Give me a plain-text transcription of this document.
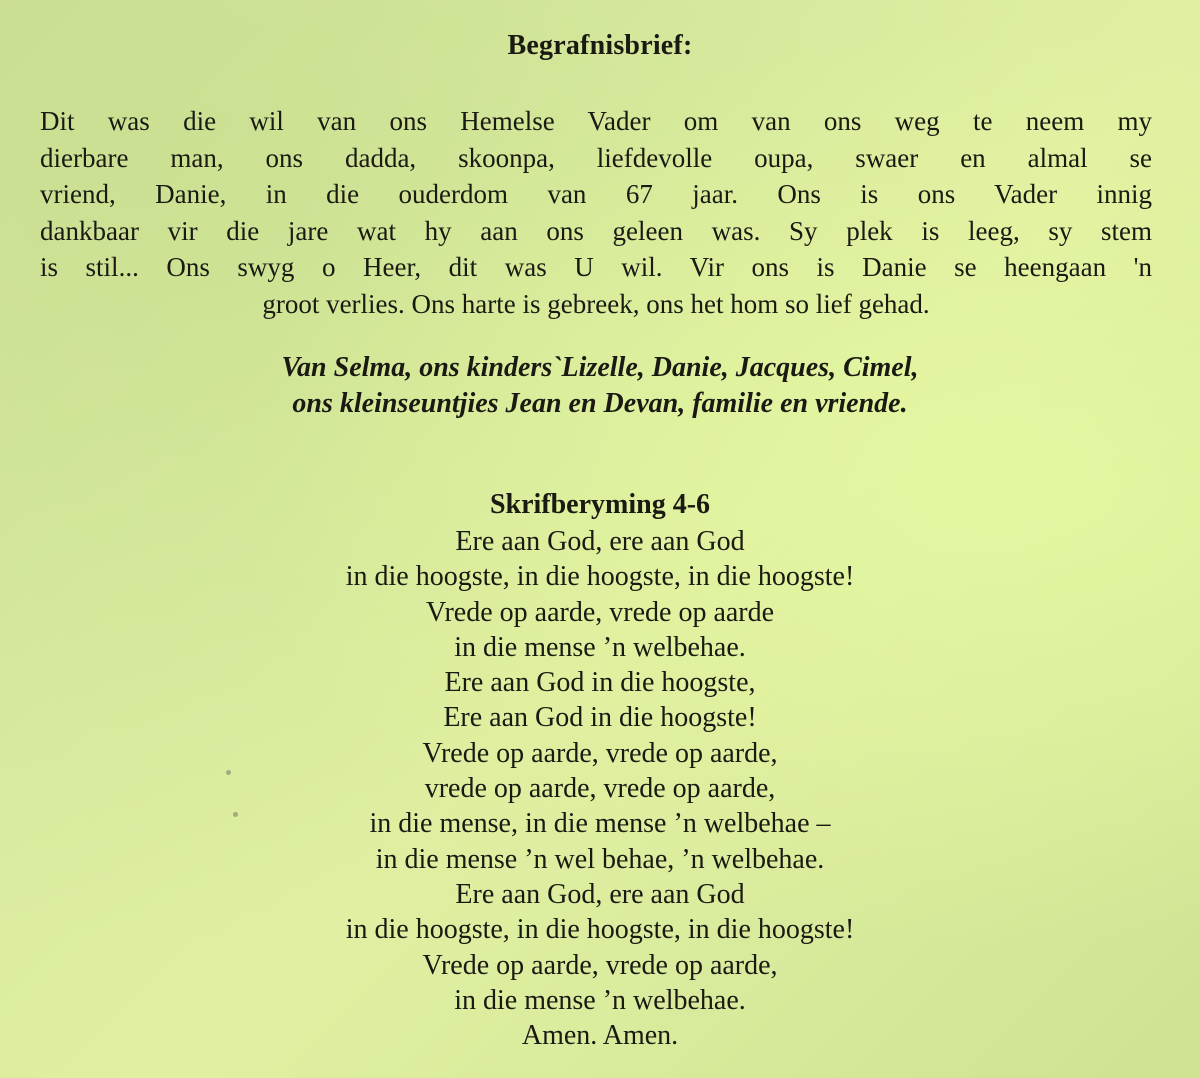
Begrafnisbrief:
Dit was die wil van ons Hemelse Vader om van ons weg te neem my
dierbare man, ons dadda, skoonpa, liefdevolle oupa, swaer en almal se
vriend, Danie, in die ouderdom van 67 jaar. Ons is ons Vader innig
dankbaar vir die jare wat hy aan ons geleen was. Sy plek is leeg, sy stem
is stil... Ons swyg o Heer, dit was U wil. Vir ons is Danie se heengaan 'n
groot verlies. Ons harte is gebreek, ons het hom so lief gehad.
Van Selma, ons kinders`Lizelle, Danie, Jacques, Cimel,
ons kleinseuntjies Jean en Devan, familie en vriende.
Skrifberyming 4-6
Ere aan God, ere aan God
in die hoogste, in die hoogste, in die hoogste!
Vrede op aarde, vrede op aarde
in die mense ’n welbehae.
Ere aan God in die hoogste,
Ere aan God in die hoogste!
Vrede op aarde, vrede op aarde,
vrede op aarde, vrede op aarde,
in die mense, in die mense ’n welbehae –
in die mense ’n wel behae, ’n welbehae.
Ere aan God, ere aan God
in die hoogste, in die hoogste, in die hoogste!
Vrede op aarde, vrede op aarde,
in die mense ’n welbehae.
Amen. Amen.
